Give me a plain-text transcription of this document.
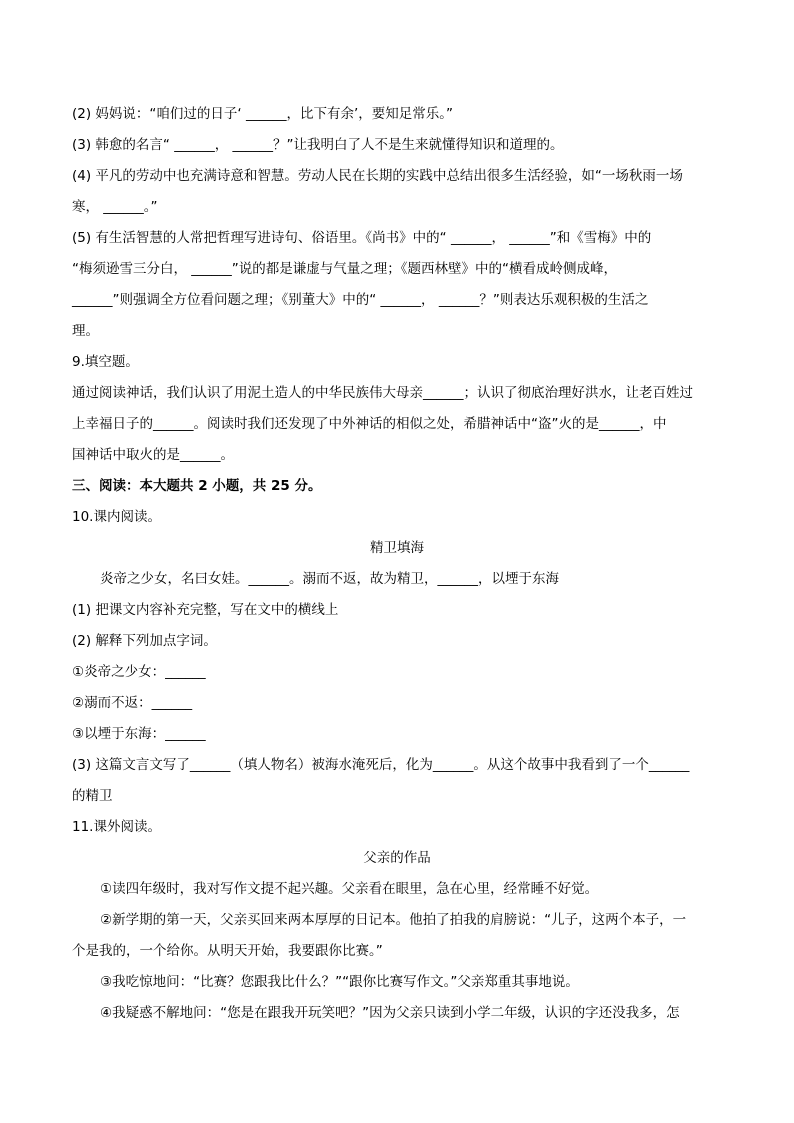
(2) 妈妈说：“咱们过的日子‘ ______，比下有余’，要知足常乐。”
(3) 韩愈的名言“ ______， ______？”让我明白了人不是生来就懂得知识和道理的。
(4) 平凡的劳动中也充满诗意和智慧。劳动人民在长期的实践中总结出很多生活经验，如“一场秋雨一场
寒， ______。”
(5) 有生活智慧的人常把哲理写进诗句、俗语里。《尚书》中的“ ______， ______”和《雪梅》中的
“梅须逊雪三分白， ______”说的都是谦虚与气量之理；《题西林壁》中的“横看成岭侧成峰，
______”则强调全方位看问题之理；《别董大》中的“ ______， ______？”则表达乐观积极的生活之
理。
9.填空题。
通过阅读神话，我们认识了用泥土造人的中华民族伟大母亲______；认识了彻底治理好洪水，让老百姓过
上幸福日子的______。阅读时我们还发现了中外神话的相似之处，希腊神话中“盗”火的是______，中
国神话中取火的是______。
三、阅读：本大题共 2 小题，共 25 分。
10.课内阅读。
精卫填海
炎帝之少女，名曰女娃。______。溺而不返，故为精卫，______，以堙于东海
(1) 把课文内容补充完整，写在文中的横线上
(2) 解释下列加点字词。
①炎帝之少女：______
②溺而不返：______
③以堙于东海：______
(3) 这篇文言文写了______（填人物名）被海水淹死后，化为______。从这个故事中我看到了一个______
的精卫
11.课外阅读。
父亲的作品
①读四年级时，我对写作文提不起兴趣。父亲看在眼里，急在心里，经常睡不好觉。
②新学期的第一天，父亲买回来两本厚厚的日记本。他拍了拍我的肩膀说：“儿子，这两个本子，一
个是我的，一个给你。从明天开始，我要跟你比赛。”
③我吃惊地问：“比赛？您跟我比什么？”“跟你比赛写作文。”父亲郑重其事地说。
④我疑惑不解地问：“您是在跟我开玩笑吧？”因为父亲只读到小学二年级，认识的字还没我多，怎
